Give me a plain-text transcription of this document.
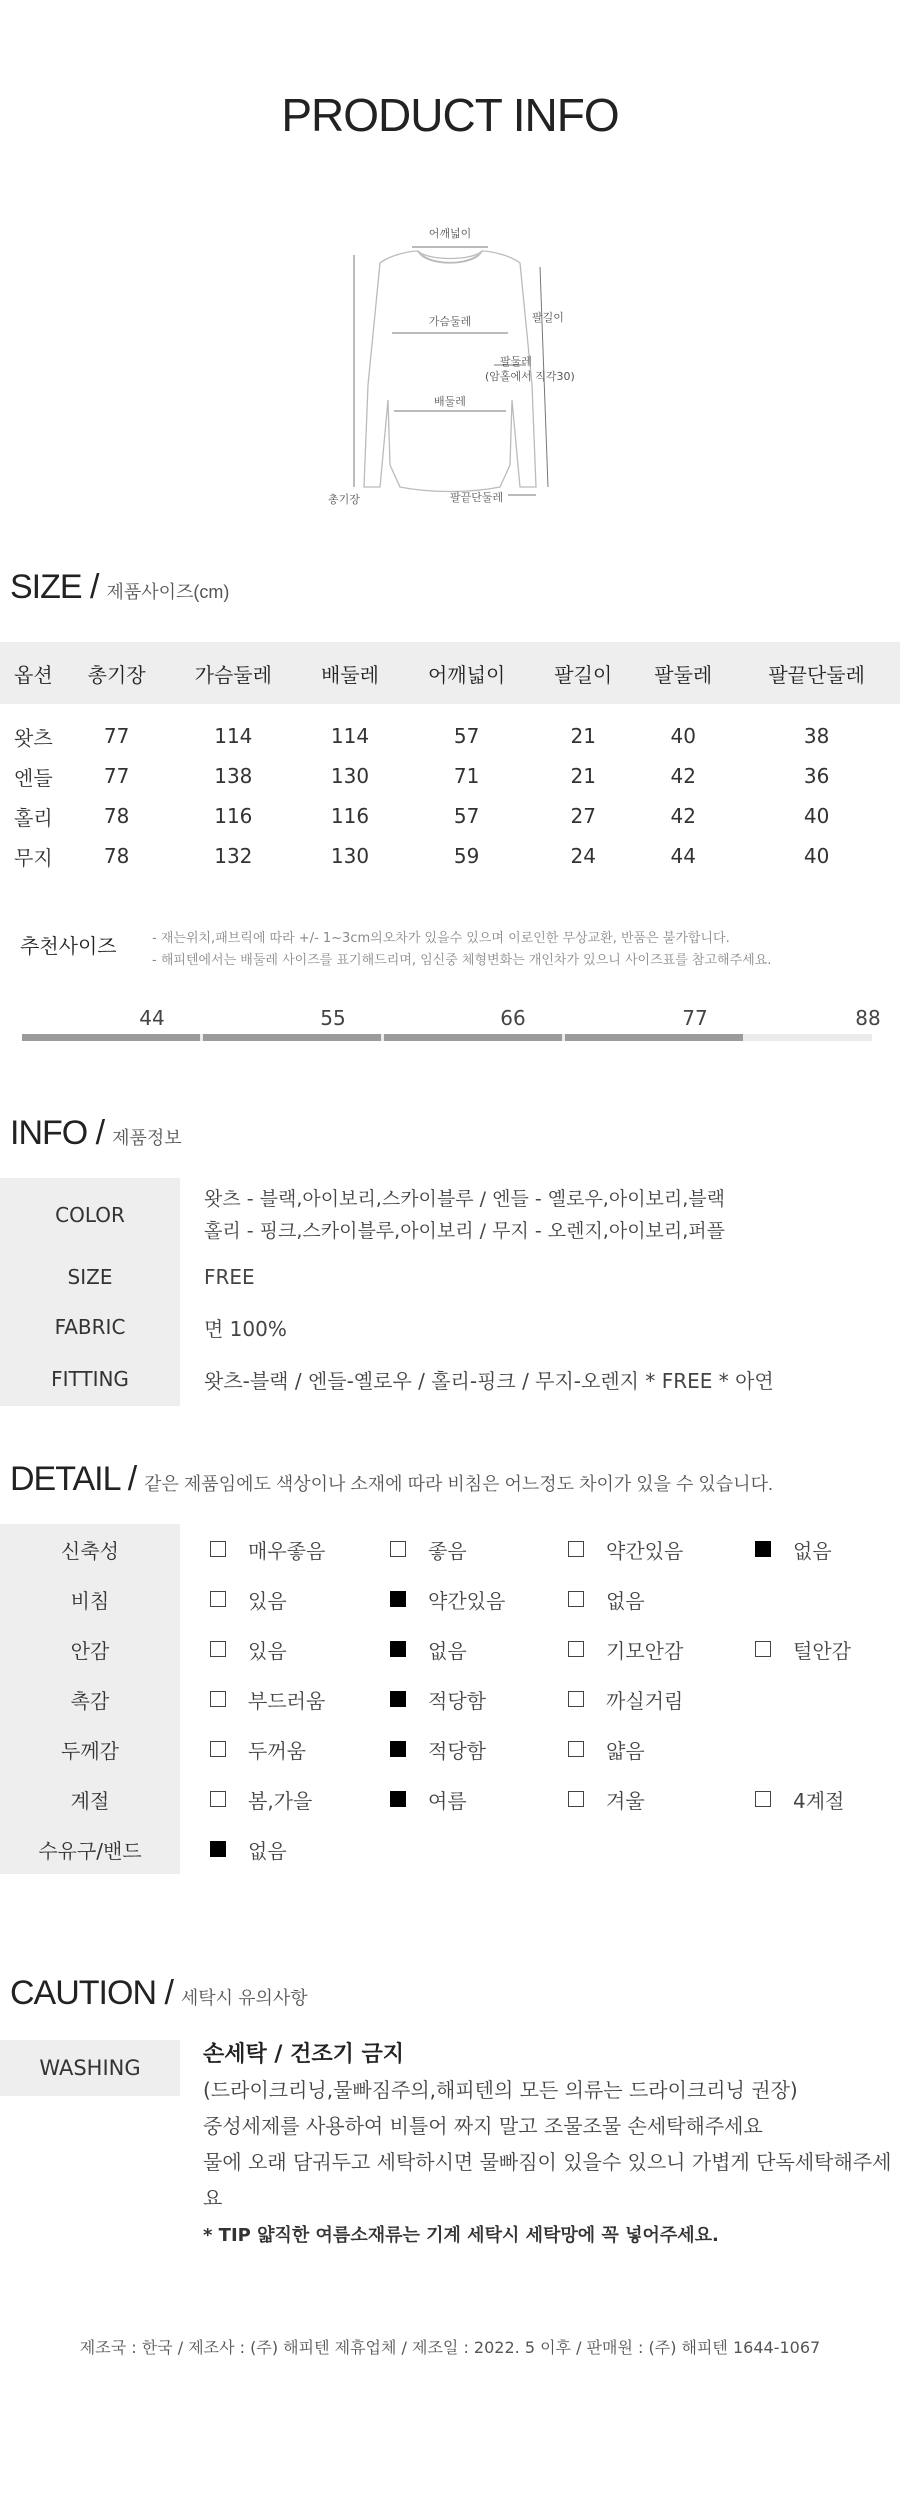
PRODUCT INFO
어깨넓이
가슴둘레	팔길이
팔둘레
(암홀에서 직각30)
배둘레
총기장	팔끝단둘레
SIZE / 제품사이즈(cm)
옵션	총기장	가슴둘레	배둘레	어깨넓이	팔길이	팔둘레	팔끝단둘레
왓츠	77	114	114	57	21	40	38
엔들	77	138	130	71	21	42	36
홀리	78	116	116	57	27	42	40
무지	78	132	130	59	24	44	40
추천사이즈	- 재는위치,패브릭에 따라 +/- 1~3cm의오차가 있을수 있으며 이로인한 무상교환, 반품은 불가합니다.
- 해피텐에서는 배둘레 사이즈를 표기해드리며, 임신중 체형변화는 개인차가 있으니 사이즈표를 참고해주세요.
44	55	66	77	88
INFO / 제품정보
COLOR
왓츠 - 블랙,아이보리,스카이블루 / 엔들 - 옐로우,아이보리,블랙
홀리 - 핑크,스카이블루,아이보리 / 무지 - 오렌지,아이보리,퍼플
SIZE	FREE
FABRIC	면 100%
FITTING	왓츠-블랙 / 엔들-옐로우 / 홀리-핑크 / 무지-오렌지 * FREE * 아연
DETAIL / 같은 제품임에도 색상이나 소재에 따라 비침은 어느정도 차이가 있을 수 있습니다.
신축성	매우좋음	좋음	약간있음	없음
비침	있음	약간있음	없음
안감	있음	없음	기모안감	털안감
촉감	부드러움	적당함	까실거림
두께감	두꺼움	적당함	얇음
계절	봄,가을	여름	겨울	4계절
수유구/밴드	없음
CAUTION / 세탁시 유의사항
WASHING
손세탁 / 건조기 금지
(드라이크리닝,물빠짐주의,해피텐의 모든 의류는 드라이크리닝 권장)
중성세제를 사용하여 비틀어 짜지 말고 조물조물 손세탁해주세요
물에 오래 담궈두고 세탁하시면 물빠짐이 있을수 있으니 가볍게 단독세탁해주세요
* TIP 얇직한 여름소재류는 기계 세탁시 세탁망에 꼭 넣어주세요.
제조국 : 한국 / 제조사 : (주) 해피텐 제휴업체 / 제조일 : 2022. 5 이후 / 판매원 : (주) 해피텐 1644-1067
